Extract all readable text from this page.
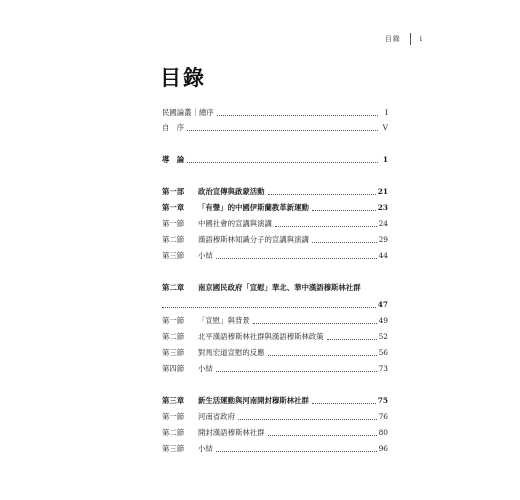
目錄	i
目錄
民國論叢｜總序	I
自　序	V
導　論	1
第一部	政治宣傳與啟蒙活動	21
第一章	「有聲」的中國伊斯蘭教革新運動	23
第一節	中國社會的宣講與演講	24
第二節	漢語穆斯林知識分子的宣講與演講	29
第三節	小結	44
第二章 南京國民政府「宣慰」華北、華中漢語穆斯林社群
47
第一節	「宣慰」與背景	49
第二節	北平漢語穆斯林社群與漢語穆斯林政策	52
第三節	對馬宏道宣慰的反應	56
第四節	小結	73
第三章	新生活運動與河南開封穆斯林社群	75
第一節	河南省政府	76
第二節	開封漢語穆斯林社群	80
第三節	小結	96
